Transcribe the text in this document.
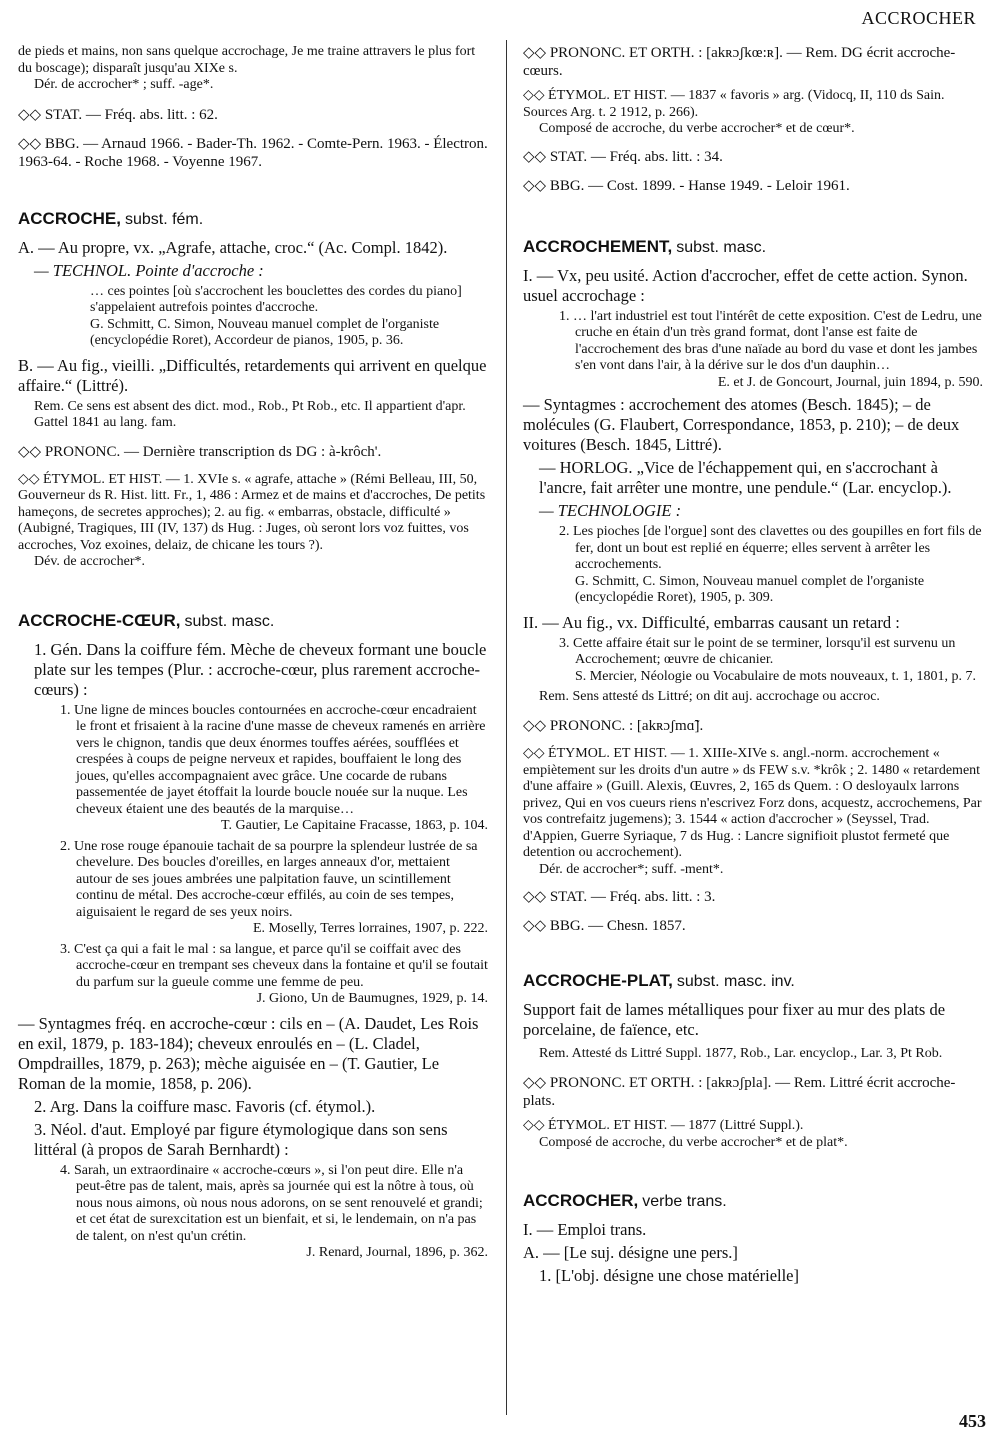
ACCROCHER

de pieds et mains, non sans quelque accrochage, Je me traine attravers le plus fort du boscage); disparaît jusqu'au XIXe s.

Dér. de accrocher* ; suff. -age*.

◇◇ STAT. — Fréq. abs. litt. : 62.

◇◇ BBG. — Arnaud 1966. - Bader-Th. 1962. - Comte-Pern. 1963. - Électron. 1963-64. - Roche 1968. - Voyenne 1967.

ACCROCHE, subst. fém.

A. — Au propre, vx. „Agrafe, attache, croc.“ (Ac. Compl. 1842).

— TECHNOL. Pointe d'accroche :

… ces pointes [où s'accrochent les bouclettes des cordes du piano] s'appelaient autrefois pointes d'accroche.

G. Schmitt, C. Simon, Nouveau manuel complet de l'organiste (encyclopédie Roret), Accordeur de pianos, 1905, p. 36.

B. — Au fig., vieilli. „Difficultés, retardements qui arrivent en quelque affaire.“ (Littré).

Rem. Ce sens est absent des dict. mod., Rob., Pt Rob., etc. Il appartient d'apr. Gattel 1841 au lang. fam.

◇◇ PRONONC. — Dernière transcription ds DG : à-krôch'.

◇◇ ÉTYMOL. ET HIST. — 1. XVIe s. « agrafe, attache » (Rémi Belleau, III, 50, Gouverneur ds R. Hist. litt. Fr., 1, 486 : Armez et de mains et d'accroches, De petits hameçons, de secretes approches); 2. au fig. « embarras, obstacle, difficulté » (Aubigné, Tragiques, III (IV, 137) ds Hug. : Juges, où seront lors voz fuittes, vos accroches, Voz exoines, delaiz, de chicane les tours ?).

Dév. de accrocher*.

ACCROCHE-CŒUR, subst. masc.

1. Gén. Dans la coiffure fém. Mèche de cheveux formant une boucle plate sur les tempes (Plur. : accroche-cœur, plus rarement accroche-cœurs) :

1. Une ligne de minces boucles contournées en accroche-cœur encadraient le front et frisaient à la racine d'une masse de cheveux ramenés en arrière vers le chignon, tandis que deux énormes touffes aérées, soufflées et crespées à coups de peigne nerveux et rapides, bouffaient le long des joues, qu'elles accompagnaient avec grâce. Une cocarde de rubans passementée de jayet étoffait la lourde boucle nouée sur la nuque. Les cheveux étaient une des beautés de la marquise…

T. Gautier, Le Capitaine Fracasse, 1863, p. 104.

2. Une rose rouge épanouie tachait de sa pourpre la splendeur lustrée de sa chevelure. Des boucles d'oreilles, en larges anneaux d'or, mettaient autour de ses joues ambrées une palpitation fauve, un scintillement continu de métal. Des accroche-cœur effilés, au coin de ses tempes, aiguisaient le regard de ses yeux noirs.

E. Moselly, Terres lorraines, 1907, p. 222.

3. C'est ça qui a fait le mal : sa langue, et parce qu'il se coiffait avec des accroche-cœur en trempant ses cheveux dans la fontaine et qu'il se foutait du parfum sur la gueule comme une femme de peu.

J. Giono, Un de Baumugnes, 1929, p. 14.

— Syntagmes fréq. en accroche-cœur : cils en – (A. Daudet, Les Rois en exil, 1879, p. 183-184); cheveux enroulés en – (L. Cladel, Ompdrailles, 1879, p. 263); mèche aiguisée en – (T. Gautier, Le Roman de la momie, 1858, p. 206).

2. Arg. Dans la coiffure masc. Favoris (cf. étymol.).

3. Néol. d'aut. Employé par figure étymologique dans son sens littéral (à propos de Sarah Bernhardt) :

4. Sarah, un extraordinaire « accroche-cœurs », si l'on peut dire. Elle n'a peut-être pas de talent, mais, après sa journée qui est la nôtre à tous, où nous nous aimons, où nous nous adorons, on se sent renouvelé et grandi; et cet état de surexcitation est un bienfait, et si, le lendemain, on n'a pas de talent, on n'est qu'un crétin.

J. Renard, Journal, 1896, p. 362.

◇◇ PRONONC. ET ORTH. : [akʀɔʃkœ:ʀ]. — Rem. DG écrit accroche-cœurs.

◇◇ ÉTYMOL. ET HIST. — 1837 « favoris » arg. (Vidocq, II, 110 ds Sain. Sources Arg. t. 2 1912, p. 266).

Composé de accroche, du verbe accrocher* et de cœur*.

◇◇ STAT. — Fréq. abs. litt. : 34.

◇◇ BBG. — Cost. 1899. - Hanse 1949. - Leloir 1961.

ACCROCHEMENT, subst. masc.

I. — Vx, peu usité. Action d'accrocher, effet de cette action. Synon. usuel accrochage :

1. … l'art industriel est tout l'intérêt de cette exposition. C'est de Ledru, une cruche en étain d'un très grand format, dont l'anse est faite de l'accrochement des bras d'une naïade au bord du vase et dont les jambes s'en vont dans l'air, à la dérive sur le dos d'un dauphin…

E. et J. de Goncourt, Journal, juin 1894, p. 590.

— Syntagmes : accrochement des atomes (Besch. 1845); – de molécules (G. Flaubert, Correspondance, 1853, p. 210); – de deux voitures (Besch. 1845, Littré).

— HORLOG. „Vice de l'échappement qui, en s'accrochant à l'ancre, fait arrêter une montre, une pendule.“ (Lar. encyclop.).

— TECHNOLOGIE :

2. Les pioches [de l'orgue] sont des clavettes ou des goupilles en fort fils de fer, dont un bout est replié en équerre; elles servent à arrêter les accrochements.

G. Schmitt, C. Simon, Nouveau manuel complet de l'organiste (encyclopédie Roret), 1905, p. 309.

II. — Au fig., vx. Difficulté, embarras causant un retard :

3. Cette affaire était sur le point de se terminer, lorsqu'il est survenu un Accrochement; œuvre de chicanier.

S. Mercier, Néologie ou Vocabulaire de mots nouveaux, t. 1, 1801, p. 7.

Rem. Sens attesté ds Littré; on dit auj. accrochage ou accroc.

◇◇ PRONONC. : [akʀɔʃmɑ̃].

◇◇ ÉTYMOL. ET HIST. — 1. XIIIe-XIVe s. angl.-norm. accrochement « empiètement sur les droits d'un autre » ds FEW s.v. *krôk ; 2. 1480 « retardement d'une affaire » (Guill. Alexis, Œuvres, 2, 165 ds Quem. : O desloyaulx larrons privez, Qui en vos cueurs riens n'escrivez Forz dons, acquestz, accrochemens, Par vos contrefaitz jugemens); 3. 1544 « action d'accrocher » (Seyssel, Trad. d'Appien, Guerre Syriaque, 7 ds Hug. : Lancre signifioit plustot fermeté que detention ou accrochement).

Dér. de accrocher*; suff. -ment*.

◇◇ STAT. — Fréq. abs. litt. : 3.

◇◇ BBG. — Chesn. 1857.

ACCROCHE-PLAT, subst. masc. inv.

Support fait de lames métalliques pour fixer au mur des plats de porcelaine, de faïence, etc.

Rem. Attesté ds Littré Suppl. 1877, Rob., Lar. encyclop., Lar. 3, Pt Rob.

◇◇ PRONONC. ET ORTH. : [akʀɔʃpla]. — Rem. Littré écrit accroche-plats.

◇◇ ÉTYMOL. ET HIST. — 1877 (Littré Suppl.).

Composé de accroche, du verbe accrocher* et de plat*.

ACCROCHER, verbe trans.

I. — Emploi trans.

A. — [Le suj. désigne une pers.]

1. [L'obj. désigne une chose matérielle]

453
